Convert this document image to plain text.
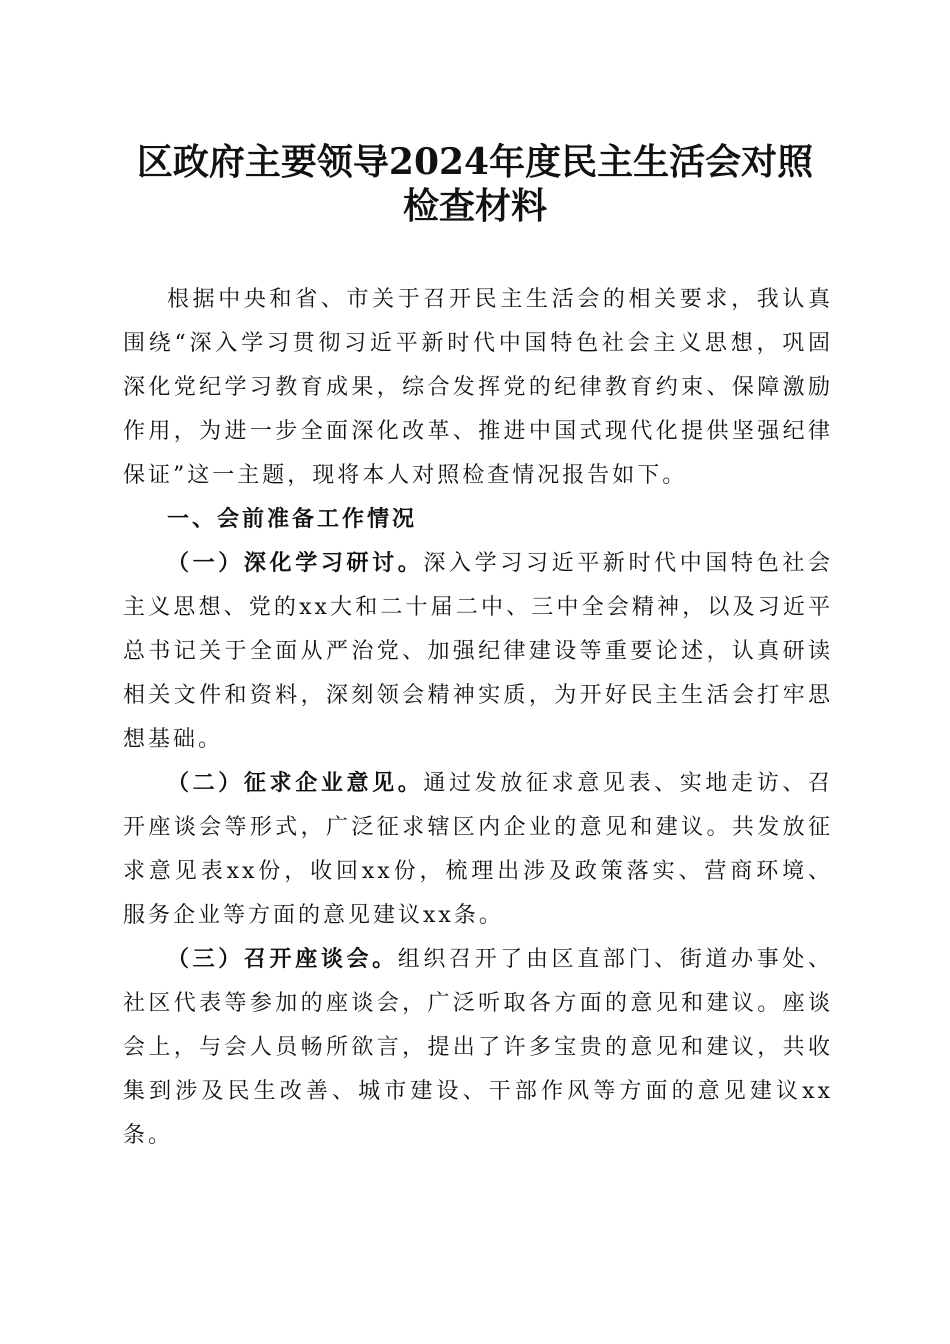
区政府主要领导2024年度民主生活会对照检查材料

根据中央和省、市关于召开民主生活会的相关要求，我认真围绕“深入学习贯彻习近平新时代中国特色社会主义思想，巩固深化党纪学习教育成果，综合发挥党的纪律教育约束、保障激励作用，为进一步全面深化改革、推进中国式现代化提供坚强纪律保证”这一主题，现将本人对照检查情况报告如下。

一、会前准备工作情况

（一）深化学习研讨。深入学习习近平新时代中国特色社会主义思想、党的xx大和二十届二中、三中全会精神，以及习近平总书记关于全面从严治党、加强纪律建设等重要论述，认真研读相关文件和资料，深刻领会精神实质，为开好民主生活会打牢思想基础。

（二）征求企业意见。通过发放征求意见表、实地走访、召开座谈会等形式，广泛征求辖区内企业的意见和建议。共发放征求意见表xx份，收回xx份，梳理出涉及政策落实、营商环境、服务企业等方面的意见建议xx条。

（三）召开座谈会。组织召开了由区直部门、街道办事处、社区代表等参加的座谈会，广泛听取各方面的意见和建议。座谈会上，与会人员畅所欲言，提出了许多宝贵的意见和建议，共收集到涉及民生改善、城市建设、干部作风等方面的意见建议xx条。
